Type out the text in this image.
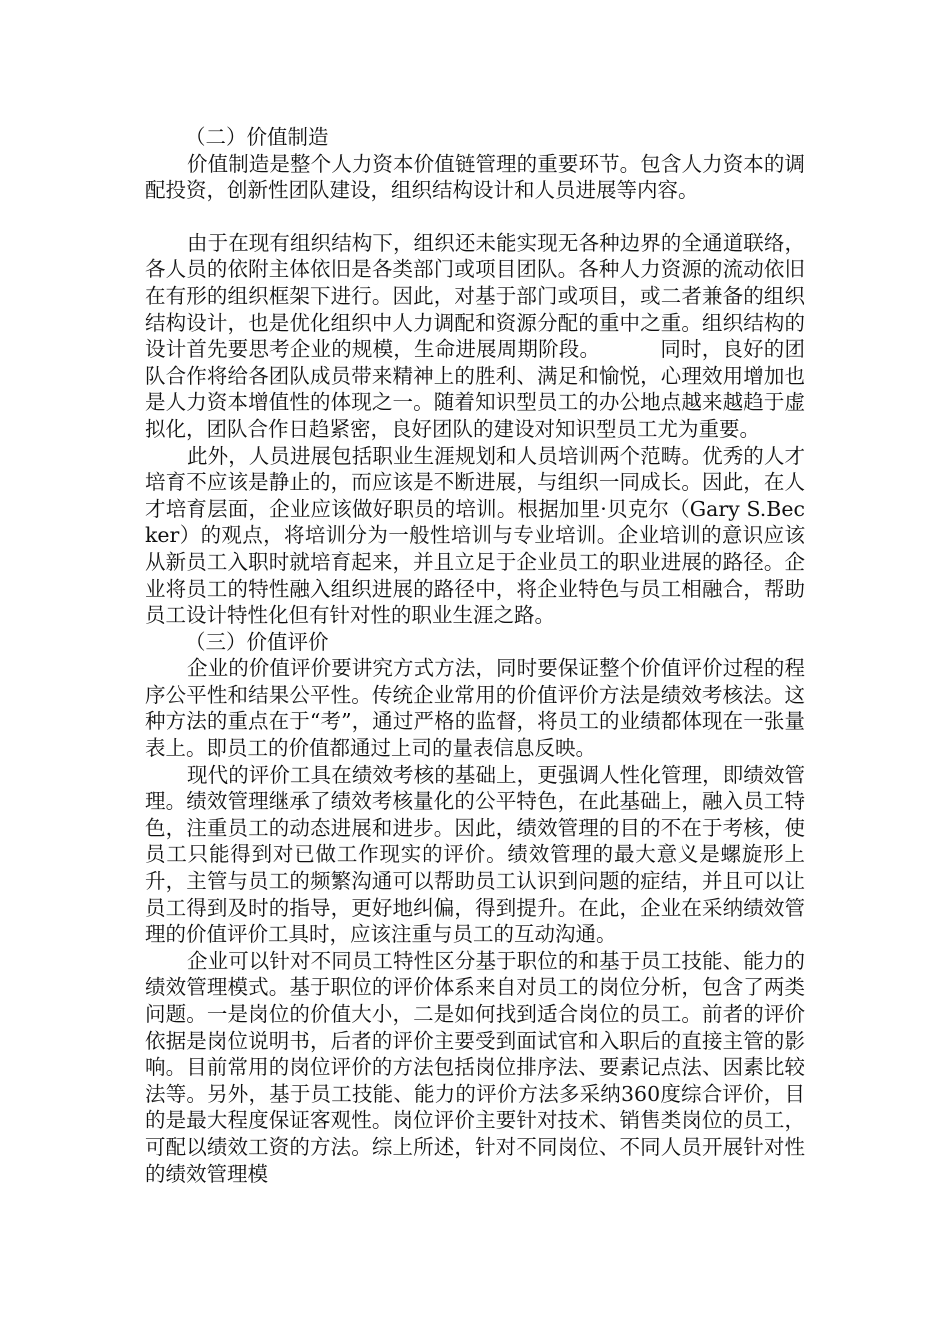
（二）价值制造

价值制造是整个人力资本价值链管理的重要环节。包含人力资本的调配投资，创新性团队建设，组织结构设计和人员进展等内容。

由于在现有组织结构下，组织还未能实现无各种边界的全通道联络，各人员的依附主体依旧是各类部门或项目团队。各种人力资源的流动依旧在有形的组织框架下进行。因此，对基于部门或项目，或二者兼备的组织结构设计，也是优化组织中人力调配和资源分配的重中之重。组织结构的设计首先要思考企业的规模，生命进展周期阶段。	同时，良好的团队合作将给各团队成员带来精神上的胜利、满足和愉悦，心理效用增加也是人力资本增值性的体现之一。随着知识型员工的办公地点越来越趋于虚拟化，团队合作日趋紧密，良好团队的建设对知识型员工尤为重要。

此外，人员进展包括职业生涯规划和人员培训两个范畴。优秀的人才培育不应该是静止的，而应该是不断进展，与组织一同成长。因此，在人才培育层面，企业应该做好职员的培训。根据加里·贝克尔（Gary S.Becker）的观点，将培训分为一般性培训与专业培训。企业培训的意识应该从新员工入职时就培育起来，并且立足于企业员工的职业进展的路径。企业将员工的特性融入组织进展的路径中，将企业特色与员工相融合，帮助员工设计特性化但有针对性的职业生涯之路。

（三）价值评价

企业的价值评价要讲究方式方法，同时要保证整个价值评价过程的程序公平性和结果公平性。传统企业常用的价值评价方法是绩效考核法。这种方法的重点在于“考”，通过严格的监督，将员工的业绩都体现在一张量表上。即员工的价值都通过上司的量表信息反映。

现代的评价工具在绩效考核的基础上，更强调人性化管理，即绩效管理。绩效管理继承了绩效考核量化的公平特色，在此基础上，融入员工特色，注重员工的动态进展和进步。因此，绩效管理的目的不在于考核，使员工只能得到对已做工作现实的评价。绩效管理的最大意义是螺旋形上升，主管与员工的频繁沟通可以帮助员工认识到问题的症结，并且可以让员工得到及时的指导，更好地纠偏，得到提升。在此，企业在采纳绩效管理的价值评价工具时，应该注重与员工的互动沟通。

企业可以针对不同员工特性区分基于职位的和基于员工技能、能力的绩效管理模式。基于职位的评价体系来自对员工的岗位分析，包含了两类问题。一是岗位的价值大小，二是如何找到适合岗位的员工。前者的评价依据是岗位说明书，后者的评价主要受到面试官和入职后的直接主管的影响。目前常用的岗位评价的方法包括岗位排序法、要素记点法、因素比较法等。另外，基于员工技能、能力的评价方法多采纳360度综合评价，目的是最大程度保证客观性。岗位评价主要针对技术、销售类岗位的员工，可配以绩效工资的方法。综上所述，针对不同岗位、不同人员开展针对性的绩效管理模
